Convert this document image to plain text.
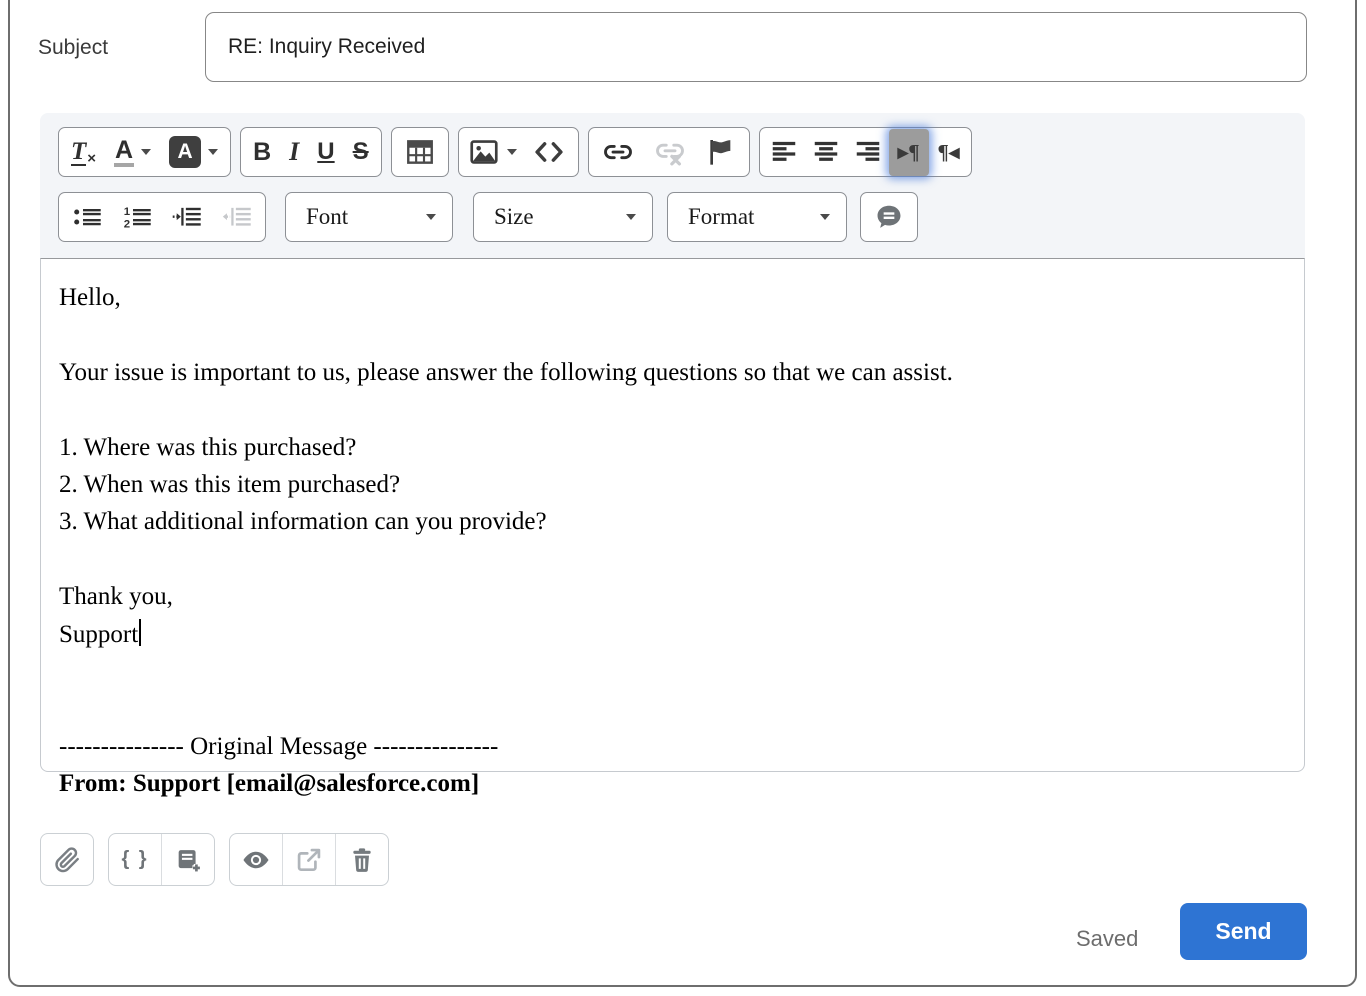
Subject
RE: Inquiry Received
T × A	A	B I U S	▸¶ ¶◂
1
2	Font	Size	Format
Hello,
Your issue is important to us, please answer the following questions so that we can assist.
1. Where was this purchased?
2. When was this item purchased?
3. What additional information can you provide?
Thank you,
Support
--------------- Original Message ---------------
From: Support [email@salesforce.com]
{ }
Saved	Send
